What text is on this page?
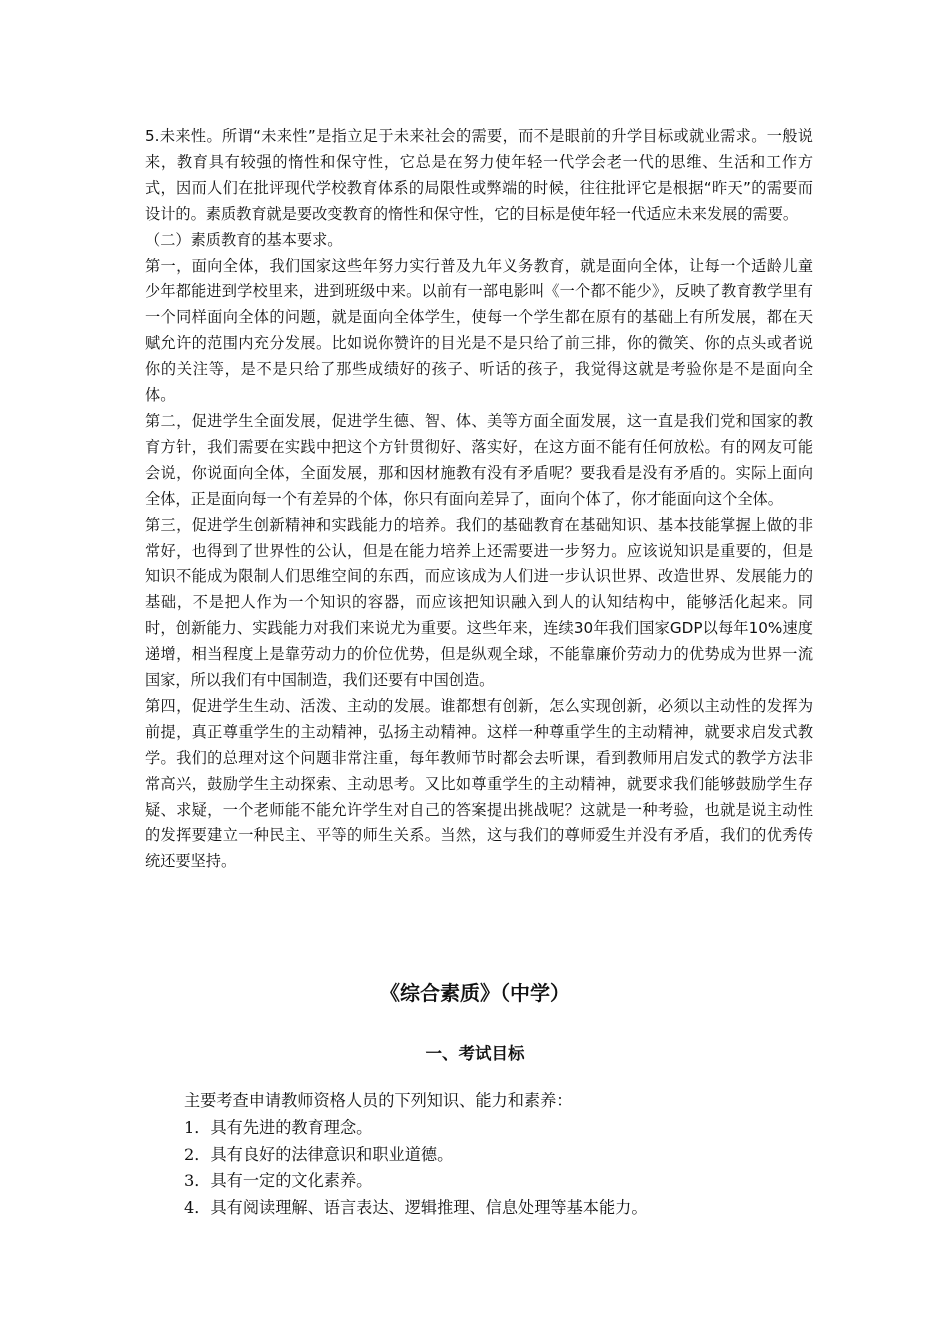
5.未来性。所谓“未来性”是指立足于未来社会的需要，而不是眼前的升学目标或就业需求。一般说来，教育具有较强的惰性和保守性，它总是在努力使年轻一代学会老一代的思维、生活和工作方式，因而人们在批评现代学校教育体系的局限性或弊端的时候，往往批评它是根据“昨天”的需要而设计的。素质教育就是要改变教育的惰性和保守性，它的目标是使年轻一代适应未来发展的需要。

（二）素质教育的基本要求。

第一，面向全体，我们国家这些年努力实行普及九年义务教育，就是面向全体，让每一个适龄儿童少年都能进到学校里来，进到班级中来。以前有一部电影叫《一个都不能少》，反映了教育教学里有一个同样面向全体的问题，就是面向全体学生，使每一个学生都在原有的基础上有所发展，都在天赋允许的范围内充分发展。比如说你赞许的目光是不是只给了前三排，你的微笑、你的点头或者说你的关注等，是不是只给了那些成绩好的孩子、听话的孩子，我觉得这就是考验你是不是面向全体。

第二，促进学生全面发展，促进学生德、智、体、美等方面全面发展，这一直是我们党和国家的教育方针，我们需要在实践中把这个方针贯彻好、落实好，在这方面不能有任何放松。有的网友可能会说，你说面向全体，全面发展，那和因材施教有没有矛盾呢？要我看是没有矛盾的。实际上面向全体，正是面向每一个有差异的个体，你只有面向差异了，面向个体了，你才能面向这个全体。

第三，促进学生创新精神和实践能力的培养。我们的基础教育在基础知识、基本技能掌握上做的非常好，也得到了世界性的公认，但是在能力培养上还需要进一步努力。应该说知识是重要的，但是知识不能成为限制人们思维空间的东西，而应该成为人们进一步认识世界、改造世界、发展能力的基础，不是把人作为一个知识的容器，而应该把知识融入到人的认知结构中，能够活化起来。同时，创新能力、实践能力对我们来说尤为重要。这些年来，连续30年我们国家GDP以每年10%速度递增，相当程度上是靠劳动力的价位优势，但是纵观全球，不能靠廉价劳动力的优势成为世界一流国家，所以我们有中国制造，我们还要有中国创造。

第四，促进学生生动、活泼、主动的发展。谁都想有创新，怎么实现创新，必须以主动性的发挥为前提，真正尊重学生的主动精神，弘扬主动精神。这样一种尊重学生的主动精神，就要求启发式教学。我们的总理对这个问题非常注重，每年教师节时都会去听课，看到教师用启发式的教学方法非常高兴，鼓励学生主动探索、主动思考。又比如尊重学生的主动精神，就要求我们能够鼓励学生存疑、求疑，一个老师能不能允许学生对自己的答案提出挑战呢？这就是一种考验，也就是说主动性的发挥要建立一种民主、平等的师生关系。当然，这与我们的尊师爱生并没有矛盾，我们的优秀传统还要坚持。

《综合素质》（中学）
一、考试目标

主要考查申请教师资格人员的下列知识、能力和素养：

1．具有先进的教育理念。

2．具有良好的法律意识和职业道德。

3．具有一定的文化素养。

4．具有阅读理解、语言表达、逻辑推理、信息处理等基本能力。
